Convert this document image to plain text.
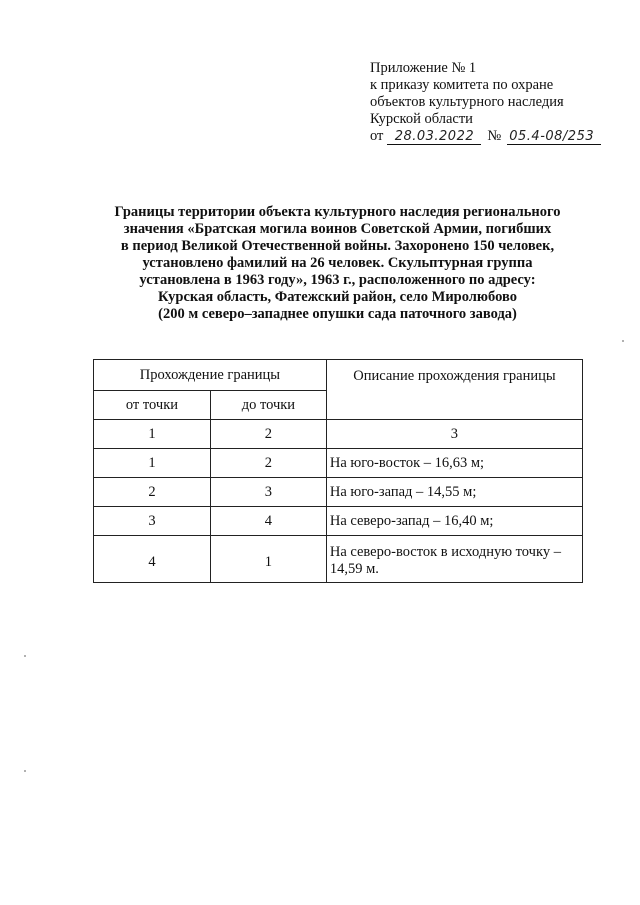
Приложение № 1
к приказу комитета по охране
объектов культурного наследия
Курской области
от 28.03.2022 № 05.4-08/253
Границы территории объекта культурного наследия регионального
значения «Братская могила воинов Советской Армии, погибших
в период Великой Отечественной войны. Захоронено 150 человек,
установлено фамилий на 26 человек. Скульптурная группа
установлена в 1963 году», 1963 г., расположенного по адресу:
Курская область, Фатежский район, село Миролюбово
(200 м северо–западнее опушки сада паточного завода)
Прохождение границы		Описание прохождения границы
от точки	до точки	
1	2	3
1	2	На юго-восток – 16,63 м;
2	3	На юго-запад – 14,55 м;
3	4	На северо-запад – 16,40 м;
4	1	На северо-восток в исходную точку – 14,59 м.
